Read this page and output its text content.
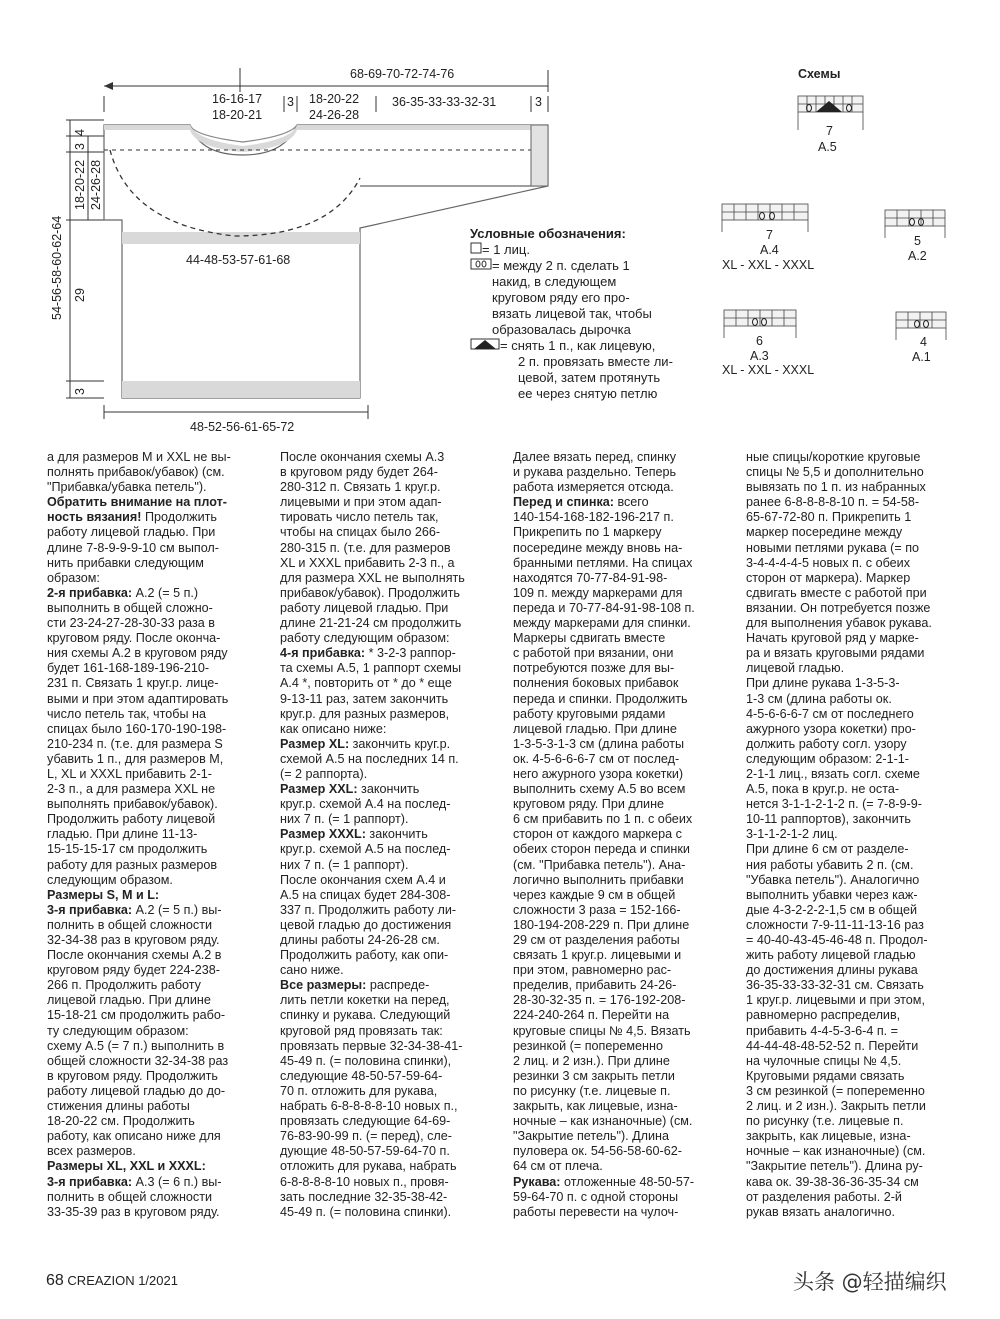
68-69-70-72-74-76
16-16-17
18-20-21
3 18-20-22
24-26-28
36-35-33-33-32-31	3
44-48-53-57-61-68
48-52-56-61-65-72
4
3
18-20-22 24-26-28
54-56-58-60-62-64 29
3
Схемы
7
A.5
7
A.4
XL - XXL - XXXL
5
A.2
6
A.3
XL - XXL - XXXL
4
A.1
Условные обозначения:
= 1 лиц.
= между 2 п. сделать 1
накид, в следующем
круговом ряду его про-
вязать лицевой так, чтобы
образовалась дырочка
= снять 1 п., как лицевую,
2 п. провязать вместе ли-
цевой, затем протянуть
ее через снятую петлю

а для размеров M и XXL не вы-

полнять прибавок/убавок) (см.

"Прибавка/убавка петель").

Обратить внимание на плот-

ность вязания! Продолжить

работу лицевой гладью. При

длине 7-8-9-9-9-10 см выпол-

нить прибавки следующим

образом:

2-я прибавка: A.2 (= 5 п.)

выполнить в общей сложно-

сти 23-24-27-28-30-33 раза в

круговом ряду. После оконча-

ния схемы A.2 в круговом ряду

будет 161-168-189-196-210-

231 п. Связать 1 круг.р. лице-

выми и при этом адаптировать

число петель так, чтобы на

спицах было 160-170-190-198-

210-234 п. (т.е. для размера S

убавить 1 п., для размеров M,

L, XL и XXXL прибавить 2-1-

2-3 п., а для размера XXL не

выполнять прибавок/убавок).

Продолжить работу лицевой

гладью. При длине 11-13-

15-15-15-17 см продолжить

работу для разных размеров

следующим образом.

Размеры S, M и L:

3-я прибавка: A.2 (= 5 п.) вы-

полнить в общей сложности

32-34-38 раз в круговом ряду.

После окончания схемы A.2 в

круговом ряду будет 224-238-

266 п. Продолжить работу

лицевой гладью. При длине

15-18-21 см продолжить рабо-

ту следующим образом:

схему A.5 (= 7 п.) выполнить в

общей сложности 32-34-38 раз

в круговом ряду. Продолжить

работу лицевой гладью до до-

стижения длины работы

18-20-22 см. Продолжить

работу, как описано ниже для

всех размеров.

Размеры XL, XXL и XXXL:

3-я прибавка: A.3 (= 6 п.) вы-

полнить в общей сложности

33-35-39 раз в круговом ряду.

После окончания схемы A.3

в круговом ряду будет 264-

280-312 п. Связать 1 круг.р.

лицевыми и при этом адап-

тировать число петель так,

чтобы на спицах было 266-

280-315 п. (т.е. для размеров

XL и XXXL прибавить 2-3 п., а

для размера XXL не выполнять

прибавок/убавок). Продолжить

работу лицевой гладью. При

длине 21-21-24 см продолжить

работу следующим образом:

4-я прибавка: * 3-2-3 раппор-

та схемы A.5, 1 раппорт схемы

A.4 *, повторить от * до * еще

9-13-11 раз, затем закончить

круг.р. для разных размеров,

как описано ниже:

Размер XL: закончить круг.р.

схемой A.5 на последних 14 п.

(= 2 раппорта).

Размер XXL: закончить

круг.р. схемой A.4 на послед-

них 7 п. (= 1 раппорт).

Размер XXXL: закончить

круг.р. схемой A.5 на послед-

них 7 п. (= 1 раппорт).

После окончания схем A.4 и

A.5 на спицах будет 284-308-

337 п. Продолжить работу ли-

цевой гладью до достижения

длины работы 24-26-28 см.

Продолжить работу, как опи-

сано ниже.

Все размеры: распреде-

лить петли кокетки на перед,

спинку и рукава. Следующий

круговой ряд провязать так:

провязать первые 32-34-38-41-

45-49 п. (= половина спинки),

следующие 48-50-57-59-64-

70 п. отложить для рукава,

набрать 6-8-8-8-8-10 новых п.,

провязать следующие 64-69-

76-83-90-99 п. (= перед), сле-

дующие 48-50-57-59-64-70 п.

отложить для рукава, набрать

6-8-8-8-8-10 новых п., провя-

зать последние 32-35-38-42-

45-49 п. (= половина спинки).

Далее вязать перед, спинку

и рукава раздельно. Теперь

работа измеряется отсюда.

Перед и спинка: всего

140-154-168-182-196-217 п.

Прикрепить по 1 маркеру

посередине между вновь на-

бранными петлями. На спицах

находятся 70-77-84-91-98-

109 п. между маркерами для

переда и 70-77-84-91-98-108 п.

между маркерами для спинки.

Маркеры сдвигать вместе

с работой при вязании, они

потребуются позже для вы-

полнения боковых прибавок

переда и спинки. Продолжить

работу круговыми рядами

лицевой гладью. При длине

1-3-5-3-1-3 см (длина работы

ок. 4-5-6-6-6-7 см от послед-

него ажурного узора кокетки)

выполнить схему A.5 во всем

круговом ряду. При длине

6 см прибавить по 1 п. с обеих

сторон от каждого маркера с

обеих сторон переда и спинки

(см. "Прибавка петель"). Ана-

логично выполнить прибавки

через каждые 9 см в общей

сложности 3 раза = 152-166-

180-194-208-229 п. При длине

29 см от разделения работы

связать 1 круг.р. лицевыми и

при этом, равномерно рас-

пределив, прибавить 24-26-

28-30-32-35 п. = 176-192-208-

224-240-264 п. Перейти на

круговые спицы № 4,5. Вязать

резинкой (= попеременно

2 лиц. и 2 изн.). При длине

резинки 3 см закрыть петли

по рисунку (т.е. лицевые п.

закрыть, как лицевые, изна-

ночные – как изнаночные) (см.

"Закрытие петель"). Длина

пуловера ок. 54-56-58-60-62-

64 см от плеча.

Рукава: отложенные 48-50-57-

59-64-70 п. с одной стороны

работы перевести на чулоч-

ные спицы/короткие круговые

спицы № 5,5 и дополнительно

вывязать по 1 п. из набранных

ранее 6-8-8-8-8-10 п. = 54-58-

65-67-72-80 п. Прикрепить 1

маркер посередине между

новыми петлями рукава (= по

3-4-4-4-4-5 новых п. с обеих

сторон от маркера). Маркер

сдвигать вместе с работой при

вязании. Он потребуется позже

для выполнения убавок рукава.

Начать круговой ряд у марке-

ра и вязать круговыми рядами

лицевой гладью.

При длине рукава 1-3-5-3-

1-3 см (длина работы ок.

4-5-6-6-6-7 см от последнего

ажурного узора кокетки) про-

должить работу согл. узору

следующим образом: 2-1-1-

2-1-1 лиц., вязать согл. схеме

A.5, пока в круг.р. не оста-

нется 3-1-1-2-1-2 п. (= 7-8-9-9-

10-11 раппортов), закончить

3-1-1-2-1-2 лиц.

При длине 6 см от разделе-

ния работы убавить 2 п. (см.

"Убавка петель"). Аналогично

выполнить убавки через каж-

дые 4-3-2-2-2-1,5 см в общей

сложности 7-9-11-11-13-16 раз

= 40-40-43-45-46-48 п. Продол-

жить работу лицевой гладью

до достижения длины рукава

36-35-33-33-32-31 см. Связать

1 круг.р. лицевыми и при этом,

равномерно распределив,

прибавить 4-4-5-3-6-4 п. =

44-44-48-48-52-52 п. Перейти

на чулочные спицы № 4,5.

Круговыми рядами связать

3 см резинкой (= попеременно

2 лиц. и 2 изн.). Закрыть петли

по рисунку (т.е. лицевые п.

закрыть, как лицевые, изна-

ночные – как изнаночные) (см.

"Закрытие петель"). Длина ру-

кава ок. 39-38-36-36-35-34 см

от разделения работы. 2-й

рукав вязать аналогично.

68 CREAZION 1/2021	头条 @轻描编织
